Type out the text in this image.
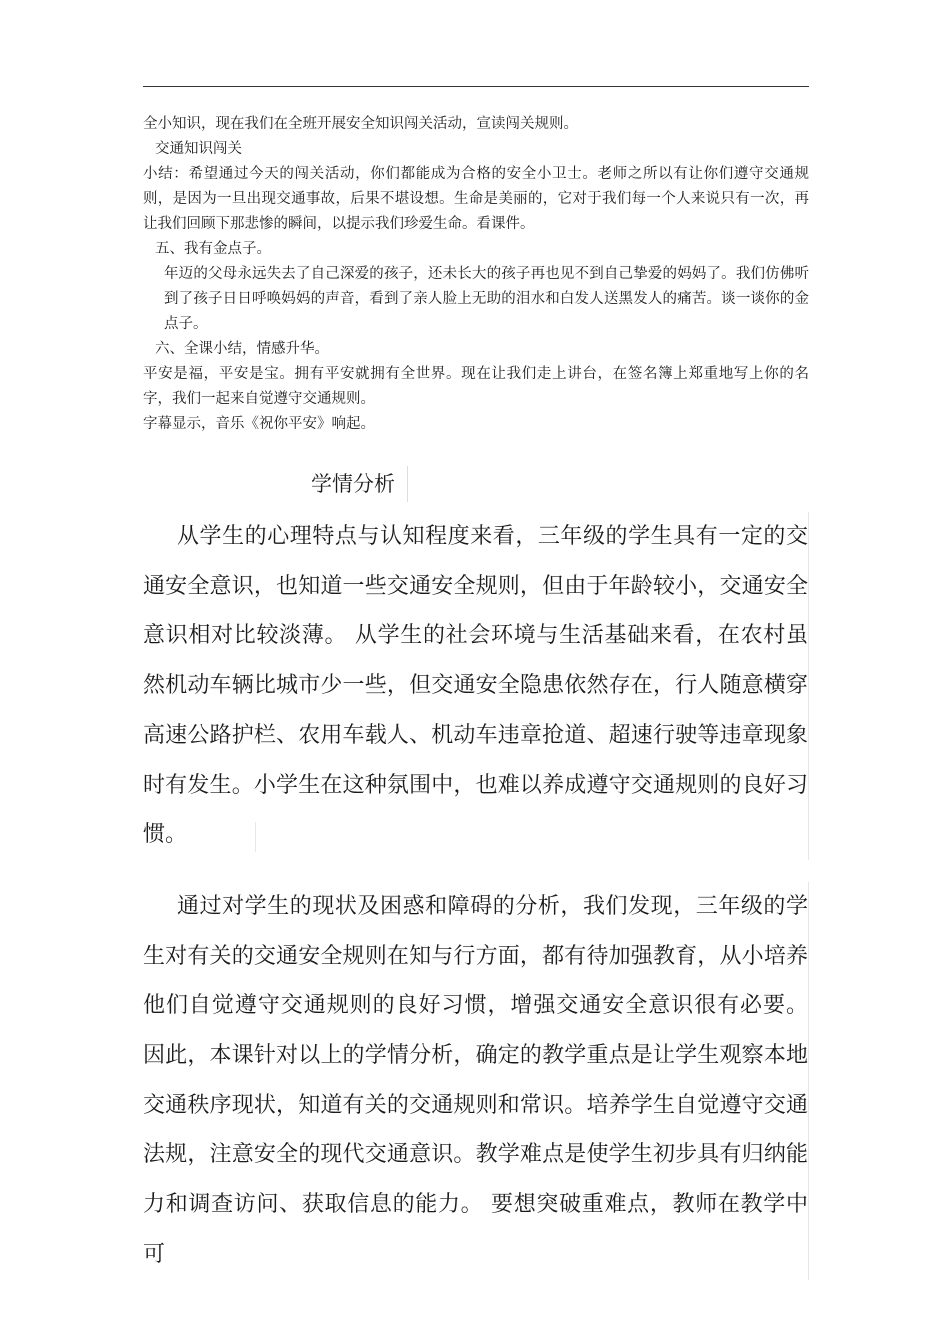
全小知识，现在我们在全班开展安全知识闯关活动，宣读闯关规则。

交通知识闯关

小结：希望通过今天的闯关活动，你们都能成为合格的安全小卫士。老师之所以有让你们遵守交通规则，是因为一旦出现交通事故，后果不堪设想。生命是美丽的，它对于我们每一个人来说只有一次，再让我们回顾下那悲惨的瞬间，以提示我们珍爱生命。看课件。

五、我有金点子。

年迈的父母永远失去了自己深爱的孩子，还未长大的孩子再也见不到自己挚爱的妈妈了。我们仿佛听到了孩子日日呼唤妈妈的声音，看到了亲人脸上无助的泪水和白发人送黑发人的痛苦。谈一谈你的金点子。

六、全课小结，情感升华。

平安是福，平安是宝。拥有平安就拥有全世界。现在让我们走上讲台，在签名簿上郑重地写上你的名字，我们一起来自觉遵守交通规则。

字幕显示，音乐《祝你平安》响起。

学情分析

从学生的心理特点与认知程度来看，三年级的学生具有一定的交通安全意识，也知道一些交通安全规则，但由于年龄较小，交通安全意识相对比较淡薄。 从学生的社会环境与生活基础来看，在农村虽然机动车辆比城市少一些，但交通安全隐患依然存在，行人随意横穿高速公路护栏、农用车载人、机动车违章抢道、超速行驶等违章现象时有发生。小学生在这种氛围中，也难以养成遵守交通规则的良好习惯。

通过对学生的现状及困惑和障碍的分析，我们发现，三年级的学生对有关的交通安全规则在知与行方面，都有待加强教育，从小培养他们自觉遵守交通规则的良好习惯，增强交通安全意识很有必要。 因此，本课针对以上的学情分析，确定的教学重点是让学生观察本地交通秩序现状，知道有关的交通规则和常识。培养学生自觉遵守交通法规，注意安全的现代交通意识。教学难点是使学生初步具有归纳能力和调查访问、获取信息的能力。 要想突破重难点，教师在教学中可
